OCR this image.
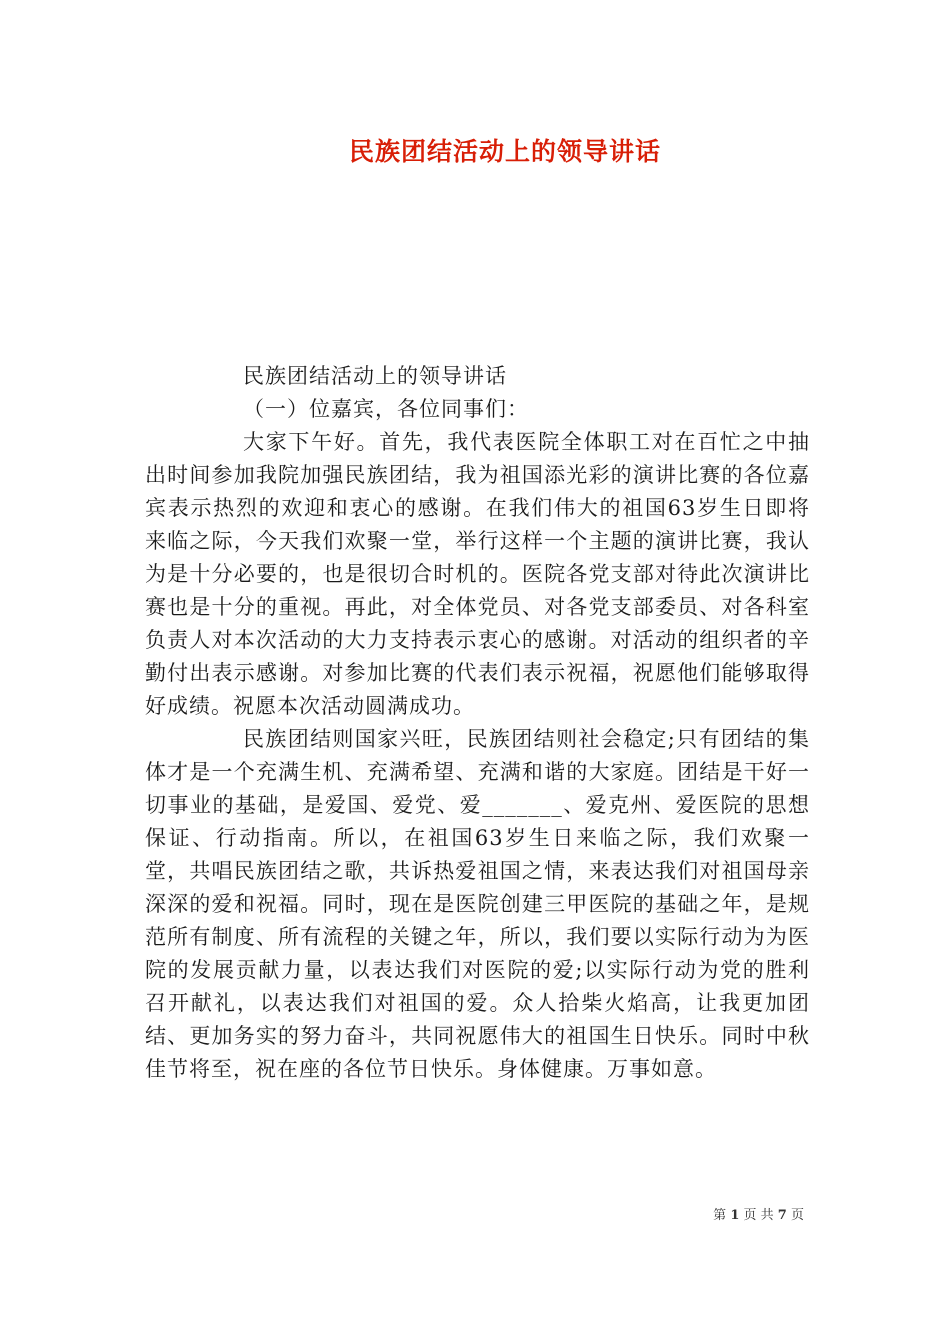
民族团结活动上的领导讲话

民族团结活动上的领导讲话

（一）位嘉宾，各位同事们：

大家下午好。首先，我代表医院全体职工对在百忙之中抽出时间参加我院加强民族团结，我为祖国添光彩的演讲比赛的各位嘉宾表示热烈的欢迎和衷心的感谢。在我们伟大的祖国63岁生日即将来临之际，今天我们欢聚一堂，举行这样一个主题的演讲比赛，我认为是十分必要的，也是很切合时机的。医院各党支部对待此次演讲比赛也是十分的重视。再此，对全体党员、对各党支部委员、对各科室负责人对本次活动的大力支持表示衷心的感谢。对活动的组织者的辛勤付出表示感谢。对参加比赛的代表们表示祝福，祝愿他们能够取得好成绩。祝愿本次活动圆满成功。

民族团结则国家兴旺，民族团结则社会稳定;只有团结的集体才是一个充满生机、充满希望、充满和谐的大家庭。团结是干好一切事业的基础，是爱国、爱党、爱_______、爱克州、爱医院的思想保证、行动指南。所以，在祖国63岁生日来临之际，我们欢聚一堂，共唱民族团结之歌，共诉热爱祖国之情，来表达我们对祖国母亲深深的爱和祝福。同时，现在是医院创建三甲医院的基础之年，是规范所有制度、所有流程的关键之年，所以，我们要以实际行动为为医院的发展贡献力量，以表达我们对医院的爱;以实际行动为党的胜利召开献礼，以表达我们对祖国的爱。众人拾柴火焰高，让我更加团结、更加务实的努力奋斗，共同祝愿伟大的祖国生日快乐。同时中秋佳节将至，祝在座的各位节日快乐。身体健康。万事如意。

第 1 页 共 7 页
